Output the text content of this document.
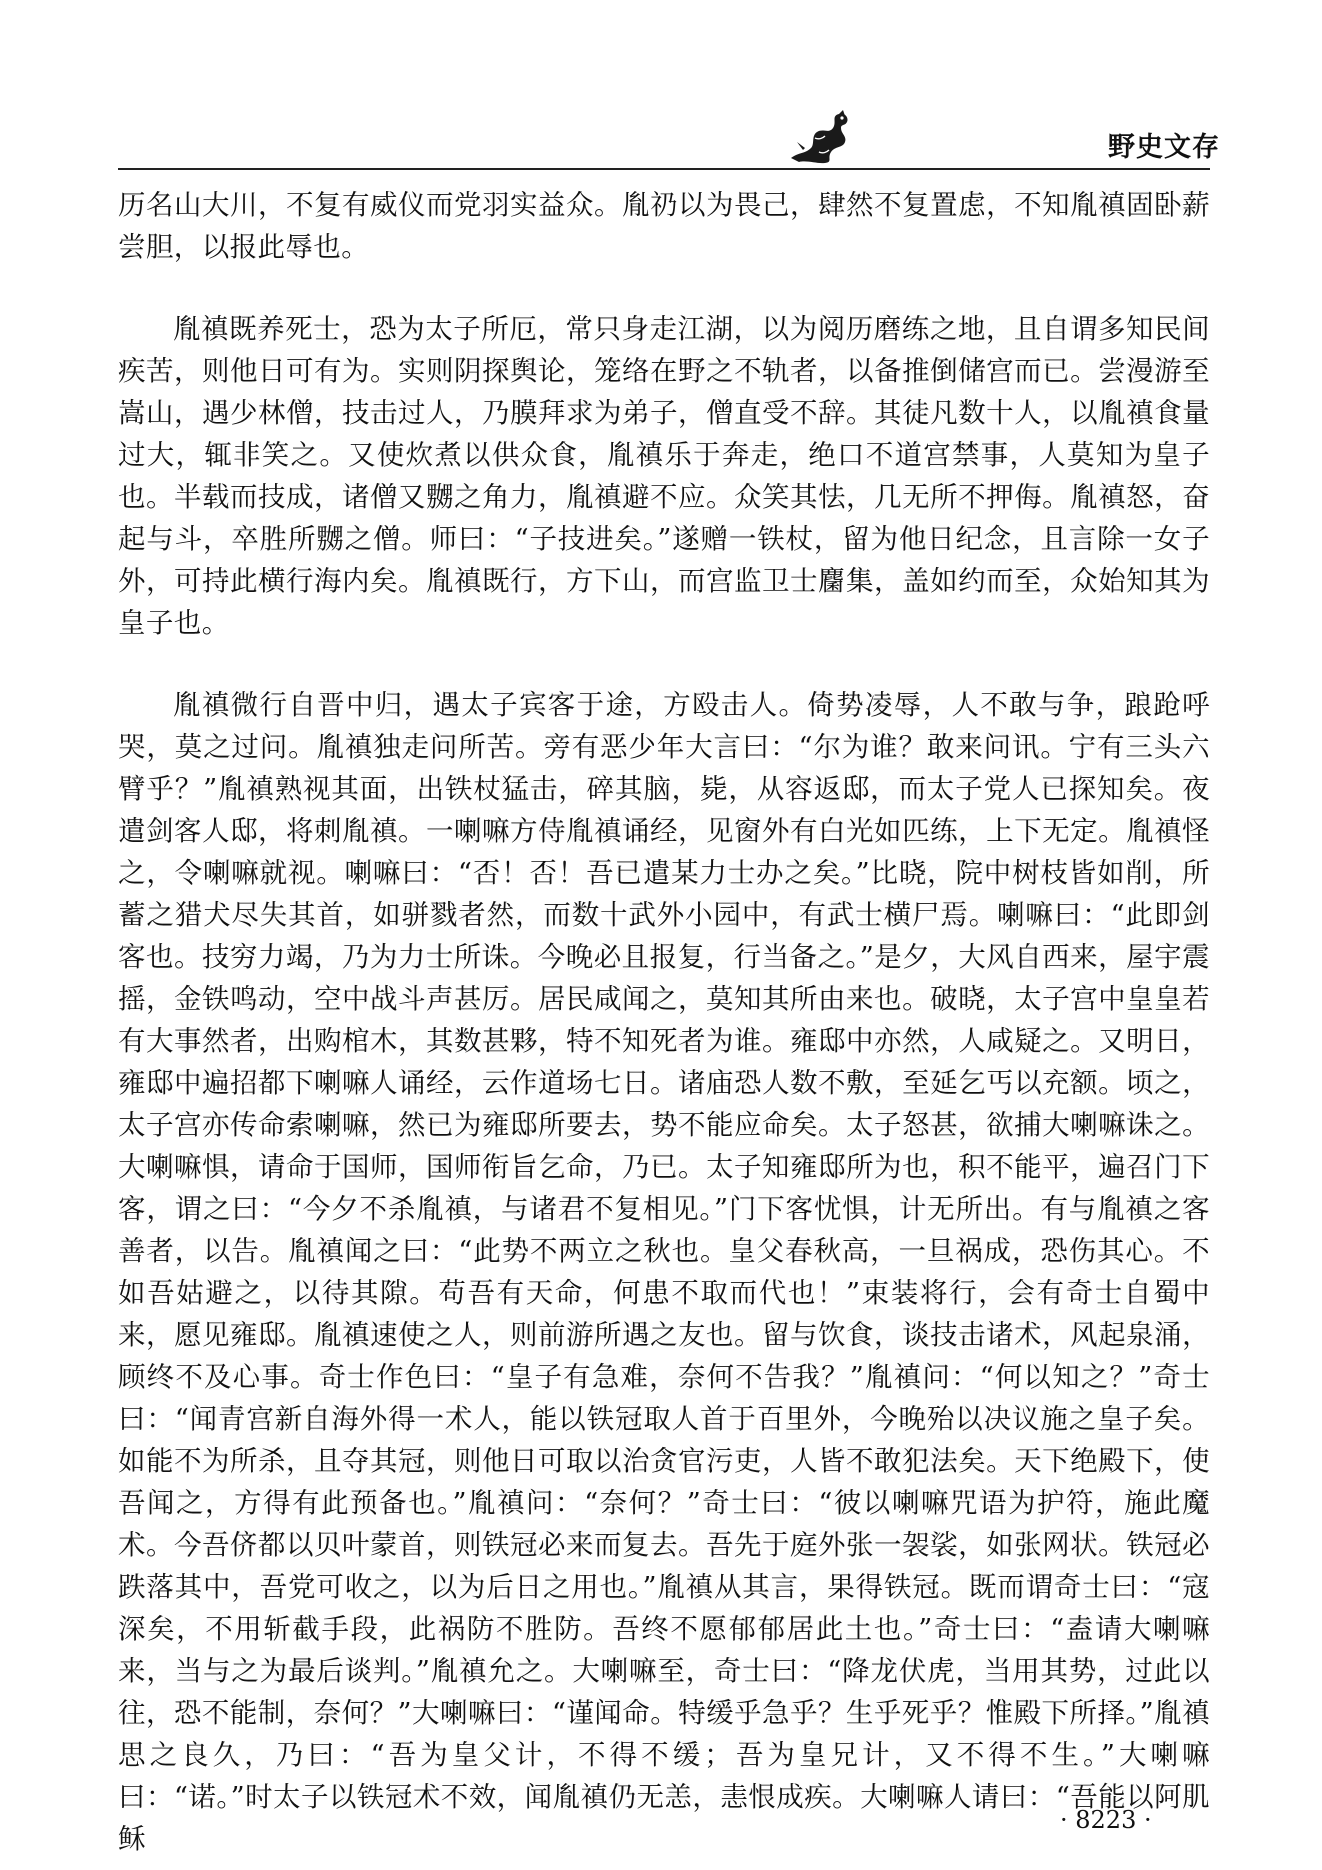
野史文存

历名山大川，不复有威仪而党羽实益众。胤礽以为畏己，肆然不复置虑，不知胤禛固卧薪尝胆，以报此辱也。

胤禛既养死士，恐为太子所厄，常只身走江湖，以为阅历磨练之地，且自谓多知民间疾苦，则他日可有为。实则阴探舆论，笼络在野之不轨者，以备推倒储宫而已。尝漫游至嵩山，遇少林僧，技击过人，乃膜拜求为弟子，僧直受不辞。其徒凡数十人，以胤禛食量过大，辄非笑之。又使炊煮以供众食，胤禛乐于奔走，绝口不道宫禁事，人莫知为皇子也。半载而技成，诸僧又嬲之角力，胤禛避不应。众笑其怯，几无所不押侮。胤禛怒，奋起与斗，卒胜所嬲之僧。师曰：“子技进矣。”遂赠一铁杖，留为他日纪念，且言除一女子外，可持此横行海内矣。胤禛既行，方下山，而宫监卫士麕集，盖如约而至，众始知其为皇子也。

胤禛微行自晋中归，遇太子宾客于途，方殴击人。倚势凌辱，人不敢与争，踉跄呼哭，莫之过问。胤禛独走问所苦。旁有恶少年大言曰：“尔为谁？敢来问讯。宁有三头六臂乎？”胤禛熟视其面，出铁杖猛击，碎其脑，毙，从容返邸，而太子党人已探知矣。夜遣剑客人邸，将刺胤禛。一喇嘛方侍胤禛诵经，见窗外有白光如匹练，上下无定。胤禛怪之，令喇嘛就视。喇嘛曰：“否！否！吾已遣某力士办之矣。”比晓，院中树枝皆如削，所蓄之猎犬尽失其首，如骈戮者然，而数十武外小园中，有武士横尸焉。喇嘛曰：“此即剑客也。技穷力竭，乃为力士所诛。今晚必且报复，行当备之。”是夕，大风自西来，屋宇震摇，金铁鸣动，空中战斗声甚厉。居民咸闻之，莫知其所由来也。破晓，太子宫中皇皇若有大事然者，出购棺木，其数甚夥，特不知死者为谁。雍邸中亦然，人咸疑之。又明日，雍邸中遍招都下喇嘛人诵经，云作道场七日。诸庙恐人数不敷，至延乞丐以充额。顷之，太子宫亦传命索喇嘛，然已为雍邸所要去，势不能应命矣。太子怒甚，欲捕大喇嘛诛之。大喇嘛惧，请命于国师，国师衔旨乞命，乃已。太子知雍邸所为也，积不能平，遍召门下客，谓之曰：“今夕不杀胤禛，与诸君不复相见。”门下客忧惧，计无所出。有与胤禛之客善者，以告。胤禛闻之曰：“此势不两立之秋也。皇父春秋高，一旦祸成，恐伤其心。不如吾姑避之，以待其隙。苟吾有天命，何患不取而代也！”束装将行，会有奇士自蜀中来，愿见雍邸。胤禛速使之人，则前游所遇之友也。留与饮食，谈技击诸术，风起泉涌，顾终不及心事。奇士作色曰：“皇子有急难，奈何不告我？”胤禛问：“何以知之？”奇士曰：“闻青宫新自海外得一术人，能以铁冠取人首于百里外，今晚殆以决议施之皇子矣。如能不为所杀，且夺其冠，则他日可取以治贪官污吏，人皆不敢犯法矣。天下绝殿下，使吾闻之，方得有此预备也。”胤禛问：“奈何？”奇士曰：“彼以喇嘛咒语为护符，施此魔术。今吾侪都以贝叶蒙首，则铁冠必来而复去。吾先于庭外张一袈裟，如张网状。铁冠必跌落其中，吾党可收之，以为后日之用也。”胤禛从其言，果得铁冠。既而谓奇士曰：“寇深矣，不用斩截手段，此祸防不胜防。吾终不愿郁郁居此土也。”奇士曰：“盍请大喇嘛来，当与之为最后谈判。”胤禛允之。大喇嘛至，奇士曰：“降龙伏虎，当用其势，过此以往，恐不能制，奈何？”大喇嘛曰：“谨闻命。特缓乎急乎？生乎死乎？惟殿下所择。”胤禛思之良久，乃曰：“吾为皇父计，不得不缓；吾为皇兄计，又不得不生。”大喇嘛曰：“诺。”时太子以铁冠术不效，闻胤禛仍无恙，恚恨成疾。大喇嘛人请曰：“吾能以阿肌稣

· 8223 ·
